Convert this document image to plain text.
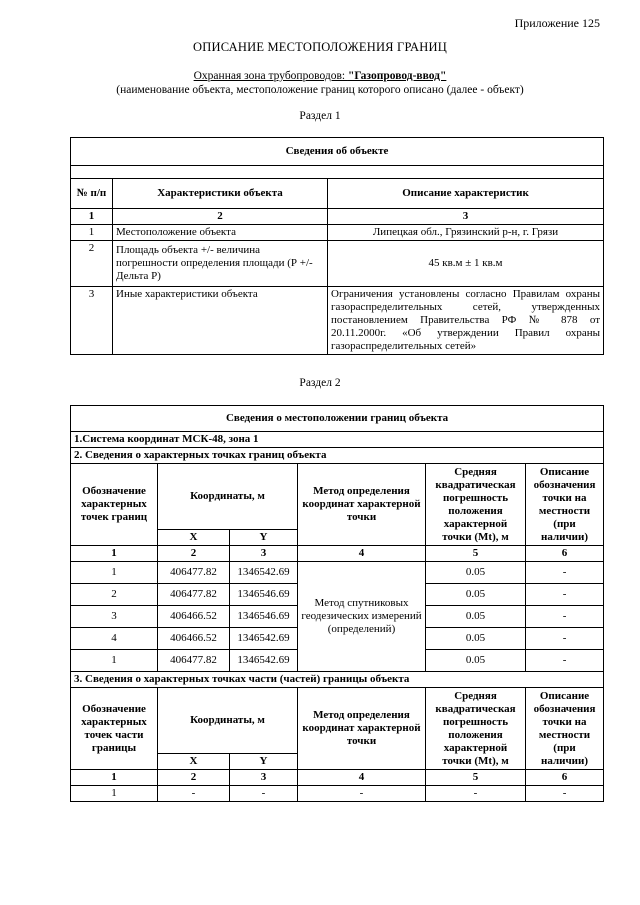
Приложение 125
ОПИСАНИЕ МЕСТОПОЛОЖЕНИЯ ГРАНИЦ
Охранная зона трубопроводов: "Газопровод-ввод"
(наименование объекта, местоположение границ которого описано (далее - объект)
Раздел 1
Сведения об объекте		

№ п/п	Характеристики объекта	Описание характеристик
1	2	3
1	Местоположение объекта	Липецкая обл., Грязинский р-н, г. Грязи
2	Площадь объекта +/- величина погрешности определения площади (Р +/- Дельта Р)	45 кв.м ± 1 кв.м
3	Иные характеристики объекта	Ограничения установлены согласно Правилам охраны газораспределительных сетей, утвержденных постановлением Правительства РФ № 878 от 20.11.2000г. «Об утверждении Правил охраны газораспределительных сетей»
Раздел 2
Сведения о местоположении границ объекта					
1.Система координат МСК-48, зона 1					
2. Сведения о характерных точках границ объекта					
Обозначение характерных точек границ	Координаты, м		Метод определения координат характерной точки	Средняя квадратическая погрешность положения характерной точки (Mt), м	Описание обозначения точки на местности (при наличии)
	X	Y			
1	2	3	4	5	6
1	406477.82	1346542.69	Метод спутниковых геодезических измерений (определений)	0.05	-
2	406477.82	1346546.69		0.05	-
3	406466.52	1346546.69		0.05	-
4	406466.52	1346542.69		0.05	-
1	406477.82	1346542.69		0.05	-
3. Сведения о характерных точках части (частей) границы объекта					
Обозначение характерных точек части границы	Координаты, м		Метод определения координат характерной точки	Средняя квадратическая погрешность положения характерной точки (Mt), м	Описание обозначения точки на местности (при наличии)
	X	Y			
1	2	3	4	5	6
1	-	-	-	-	-
